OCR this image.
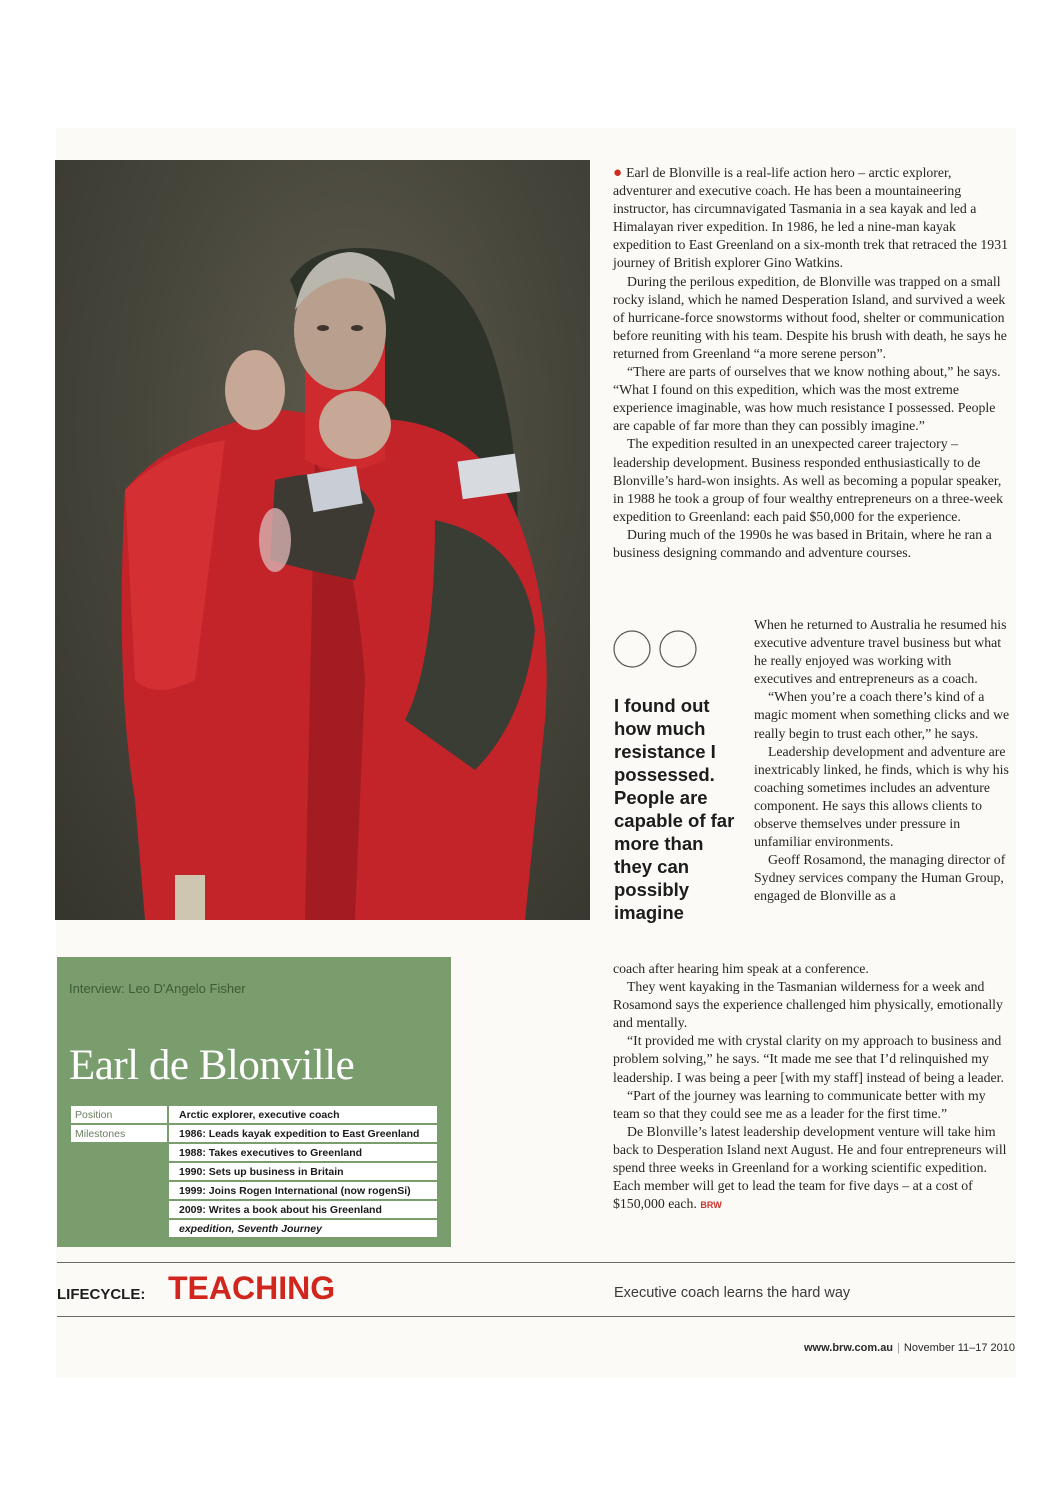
Interview: Leo D'Angelo Fisher
Earl de Blonville
Position	Arctic explorer, executive coach
Milestones	1986: Leads kayak expedition to East Greenland
	1988: Takes executives to Greenland
	1990: Sets up business in Britain
	1999: Joins Rogen International (now rogenSi)
	2009: Writes a book about his Greenland
	expedition, Seventh Journey

● Earl de Blonville is a real-life action hero – arctic explorer, adventurer and executive coach. He has been a mountaineering instructor, has circumnavigated Tasmania in a sea kayak and led a Himalayan river expedition. In 1986, he led a nine-man kayak expedition to East Greenland on a six-month trek that retraced the 1931 journey of British explorer Gino Watkins.

During the perilous expedition, de Blonville was trapped on a small rocky island, which he named Desperation Island, and survived a week of hurricane-force snowstorms without food, shelter or communication before reuniting with his team. Despite his brush with death, he says he returned from Greenland “a more serene person”.

“There are parts of ourselves that we know nothing about,” he says. “What I found on this expedition, which was the most extreme experience imaginable, was how much resistance I possessed. People are capable of far more than they can possibly imagine.”

The expedition resulted in an unexpected career trajectory – leadership development. Business responded enthusiastically to de Blonville’s hard-won insights. As well as becoming a popular speaker, in 1988 he took a group of four wealthy entrepreneurs on a three-week expedition to Greenland: each paid $50,000 for the experience.

During much of the 1990s he was based in Britain, where he ran a business designing commando and adventure courses.

I found out how much resistance I possessed. People are capable of far more than they can possibly imagine

When he returned to Australia he resumed his executive adventure travel business but what he really enjoyed was working with executives and entrepreneurs as a coach.

“When you’re a coach there’s kind of a magic moment when something clicks and we really begin to trust each other,” he says.

Leadership development and adventure are inextricably linked, he finds, which is why his coaching sometimes includes an adventure component. He says this allows clients to observe themselves under pressure in unfamiliar environments.

Geoff Rosamond, the managing director of Sydney services company the Human Group, engaged de Blonville as a

coach after hearing him speak at a conference.

They went kayaking in the Tasmanian wilderness for a week and Rosamond says the experience challenged him physically, emotionally and mentally.

“It provided me with crystal clarity on my approach to business and problem solving,” he says. “It made me see that I’d relinquished my leadership. I was being a peer [with my staff] instead of being a leader.

“Part of the journey was learning to communicate better with my team so that they could see me as a leader for the first time.”

De Blonville’s latest leadership development venture will take him back to Desperation Island next August. He and four entrepreneurs will spend three weeks in Greenland for a working scientific expedition. Each member will get to lead the team for five days – at a cost of $150,000 each. BRW

LIFECYCLE: TEACHING	Executive coach learns the hard way
www.brw.com.au | November 11–17 2010
